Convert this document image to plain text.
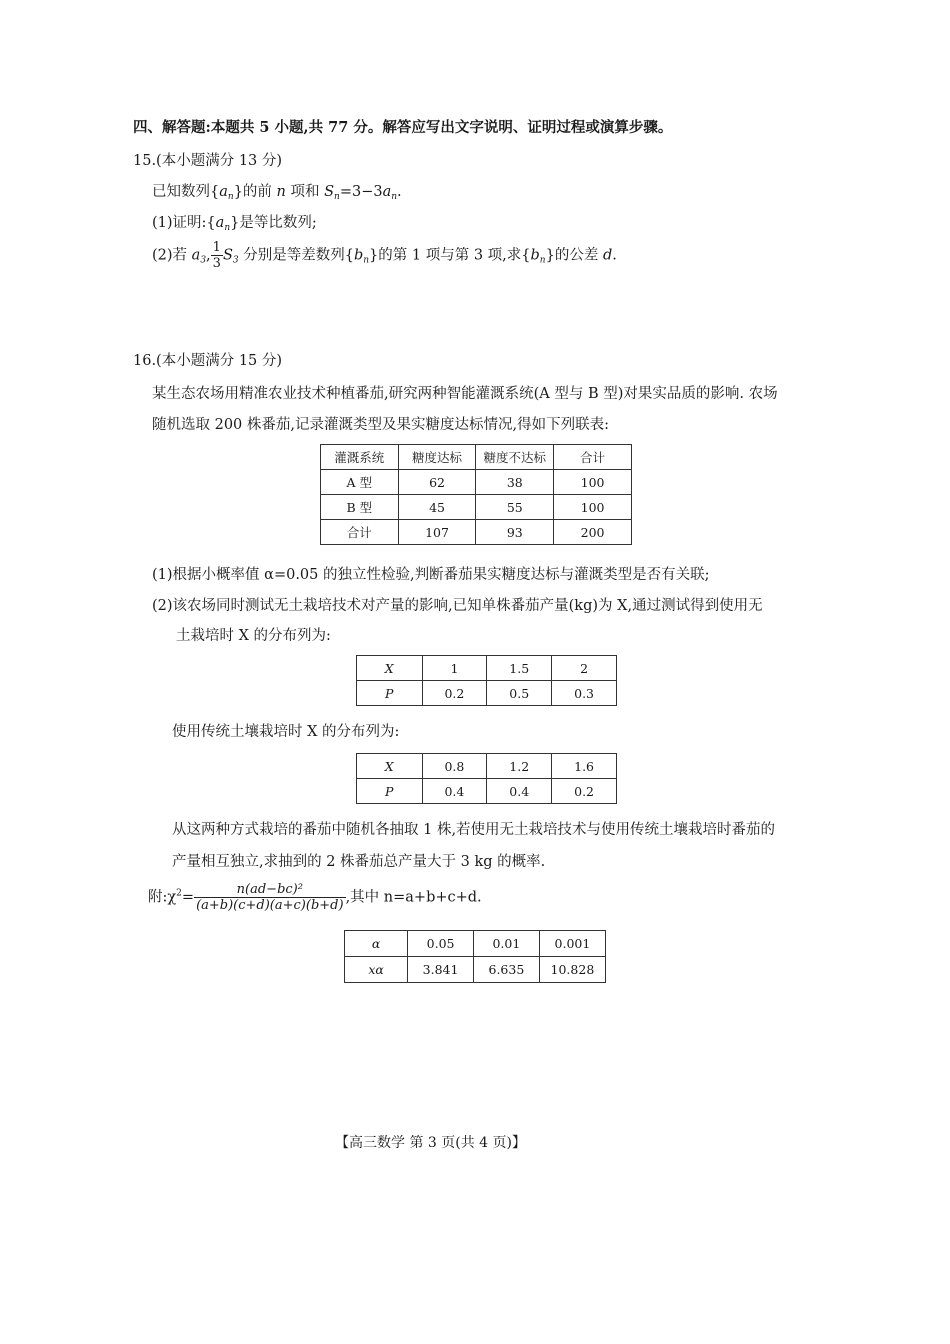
四、解答题:本题共 5 小题,共 77 分。解答应写出文字说明、证明过程或演算步骤。
15.(本小题满分 13 分)
已知数列$\{a_n\}$的前 n 项和 $S_n=3-3a_n$.
(1)证明$:\{a_n\}$是等比数列;
(2)若 $a_3$, $\frac{1}{3} S_3$ 分别是等差数列$\{b_n\}$的第 1 项与第 3 项,求$\{b_n\}$的公差 d.
16.(本小题满分 15 分)
某生态农场用精准农业技术种植番茄,研究两种智能灌溉系统(A 型与 B 型)对果实品质的影响. 农场
随机选取 200 株番茄,记录灌溉类型及果实糖度达标情况,得如下列联表:
灌溉系统	糖度达标	糖度不达标	合计
A 型	62	38	100
B 型	45	55	100
合计	107	93	200
(1)根据小概率值 α=0.05 的独立性检验,判断番茄果实糖度达标与灌溉类型是否有关联;
(2)该农场同时测试无土栽培技术对产量的影响,已知单株番茄产量(kg)为 X,通过测试得到使用无
土栽培时 X 的分布列为:
X	1	1.5	2
P	0.2	0.5	0.3
使用传统土壤栽培时 X 的分布列为:
X	0.8	1.2	1.6
P	0.4	0.4	0.2
从这两种方式栽培的番茄中随机各抽取 1 株,若使用无土栽培技术与使用传统土壤栽培时番茄的
产量相互独立,求抽到的 2 株番茄总产量大于 3 kg 的概率.
附$:\chi^2= \frac{\text{n(ad−bc)²}}{(a+b)(c+d)(a+c)(b+d)}$ ,其中 n=a+b+c+d.
α	0.05	0.01	0.001
xα	3.841	6.635	10.828
【高三数学 第 3 页(共 4 页)】
